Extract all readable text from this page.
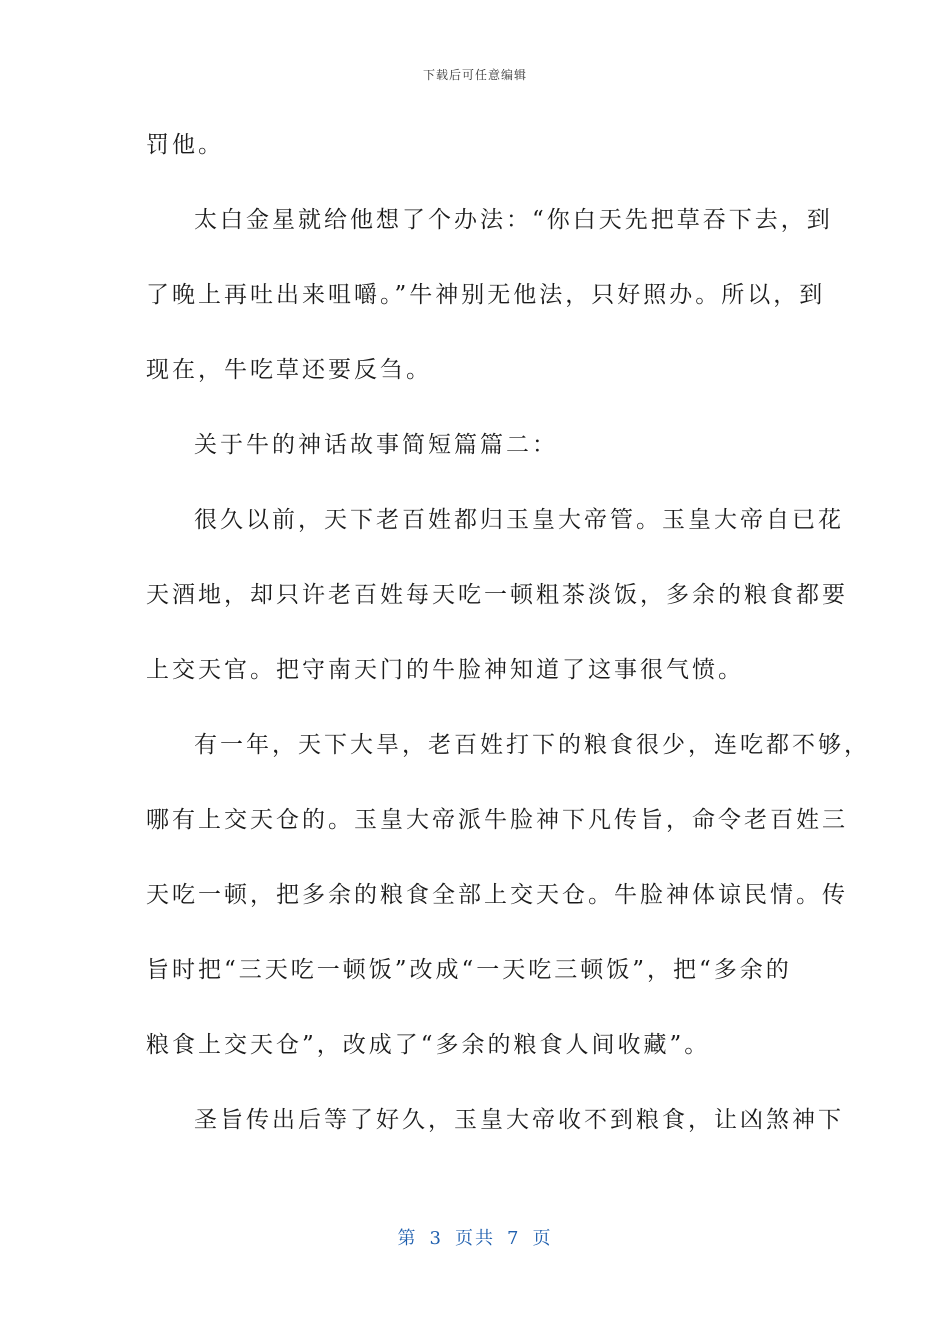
下载后可任意编辑
罚他。
太白金星就给他想了个办法：“你白天先把草吞下去，到
了晚上再吐出来咀嚼。”牛神别无他法，只好照办。所以，到
现在，牛吃草还要反刍。
关于牛的神话故事简短篇篇二：
很久以前，天下老百姓都归玉皇大帝管。玉皇大帝自已花
天酒地，却只许老百姓每天吃一顿粗茶淡饭，多余的粮食都要
上交天官。把守南天门的牛脸神知道了这事很气愤。
有一年，天下大旱，老百姓打下的粮食很少，连吃都不够，
哪有上交天仓的。玉皇大帝派牛脸神下凡传旨，命令老百姓三
天吃一顿，把多余的粮食全部上交天仓。牛脸神体谅民情。传
旨时把“三天吃一顿饭”改成“一天吃三顿饭”，把“多余的
粮食上交天仓”，改成了“多余的粮食人间收藏”。
圣旨传出后等了好久，玉皇大帝收不到粮食，让凶煞神下
第 3 页共 7 页
